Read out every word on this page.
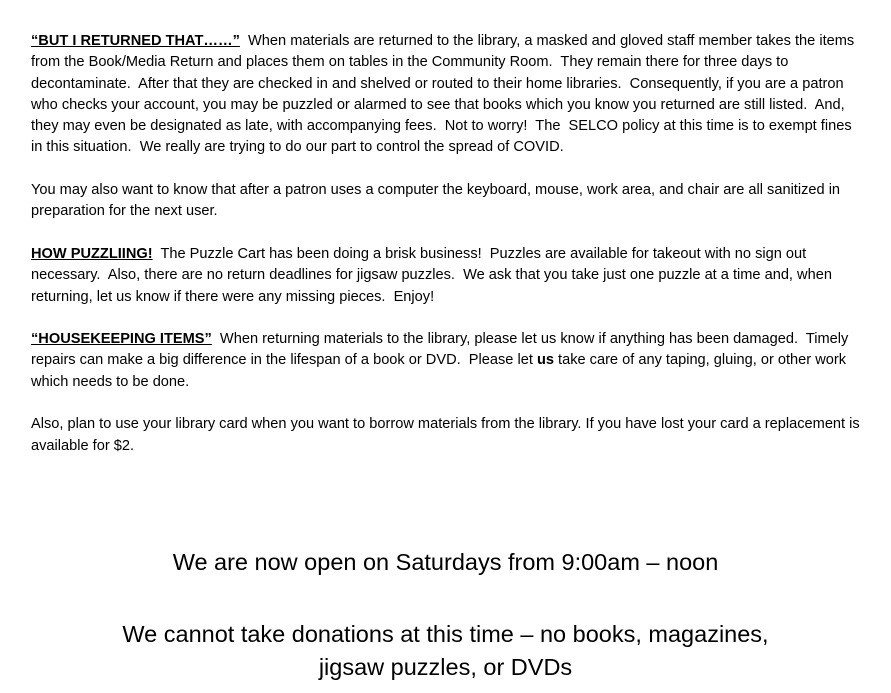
“BUT I RETURNED THAT……”  When materials are returned to the library, a masked and gloved staff member takes the items from the Book/Media Return and places them on tables in the Community Room.  They remain there for three days to decontaminate.  After that they are checked in and shelved or routed to their home libraries.  Consequently, if you are a patron who checks your account, you may be puzzled or alarmed to see that books which you know you returned are still listed.  And, they may even be designated as late, with accompanying fees.  Not to worry!  The  SELCO policy at this time is to exempt fines in this situation.  We really are trying to do our part to control the spread of COVID.

You may also want to know that after a patron uses a computer the keyboard, mouse, work area, and chair are all sanitized in preparation for the next user.

HOW PUZZLIING!  The Puzzle Cart has been doing a brisk business!  Puzzles are available for takeout with no sign out necessary.  Also, there are no return deadlines for jigsaw puzzles.  We ask that you take just one puzzle at a time and, when returning, let us know if there were any missing pieces.  Enjoy!

“HOUSEKEEPING ITEMS”  When returning materials to the library, please let us know if anything has been damaged.  Timely repairs can make a big difference in the lifespan of a book or DVD.  Please let us take care of any taping, gluing, or other work which needs to be done.

Also, plan to use your library card when you want to borrow materials from the library. If you have lost your card a replacement is available for $2.

We are now open on Saturdays from 9:00am – noon
We cannot take donations at this time – no books, magazines,
jigsaw puzzles, or DVDs
